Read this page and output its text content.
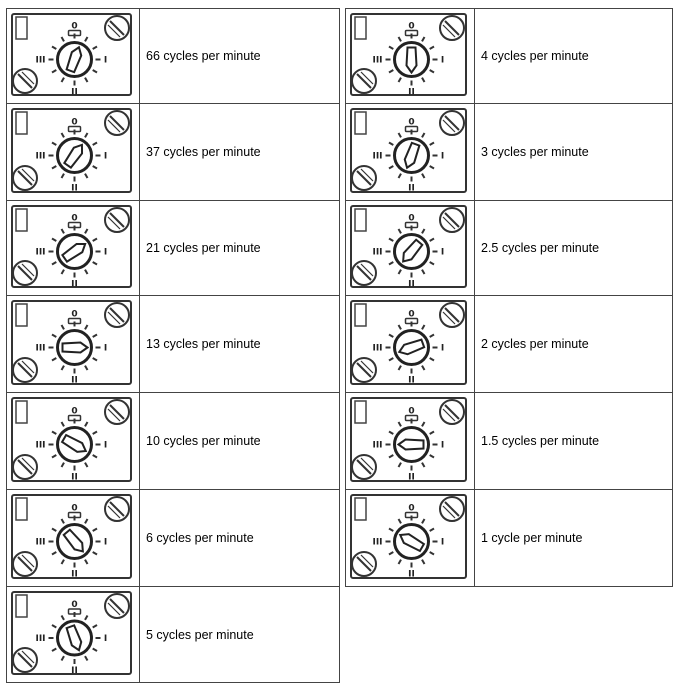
0
III	I
II
66 cycles per minute
0
III	I
II
37 cycles per minute
0
III	I
II
21 cycles per minute
0
III	I
II
13 cycles per minute
0
III	I
II
10 cycles per minute
0
III	I
II
6 cycles per minute
0
III	I
II
5 cycles per minute
0
III	I
II
4 cycles per minute
0
III	I
II
3 cycles per minute
0
III	I
II
2.5 cycles per minute
0
III	I
II
2 cycles per minute
0
III	I
II
1.5 cycles per minute
0
III	I
II
1 cycle per minute
